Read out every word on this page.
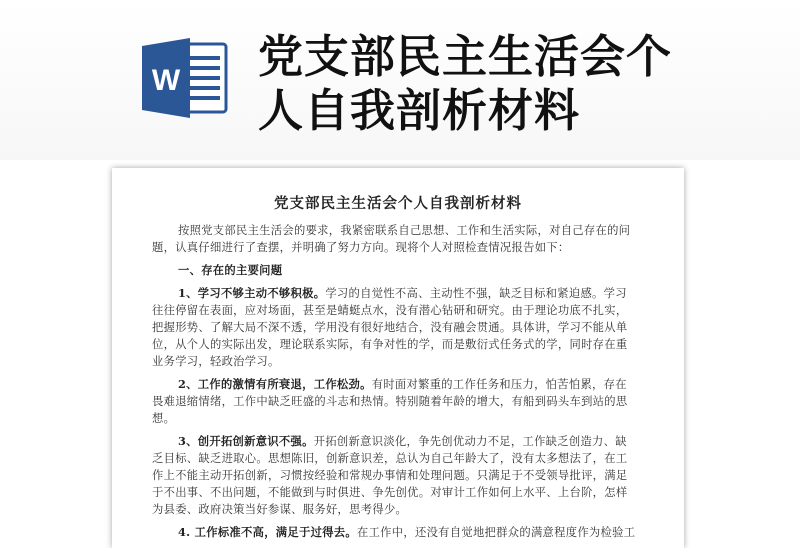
W 党支部民主生活会个
人自我剖析材料
党支部民主生活会个人自我剖析材料
按照党支部民主生活会的要求，我紧密联系自己思想、工作和生活实际，对自己存在的问
题，认真仔细进行了查摆，并明确了努力方向。现将个人对照检查情况报告如下：
一、存在的主要问题
1、学习不够主动不够积极。学习的自觉性不高、主动性不强，缺乏目标和紧迫感。学习
往往停留在表面，应对场面，甚至是蜻蜓点水，没有潜心钻研和研究。由于理论功底不扎实，
把握形势、了解大局不深不透，学用没有很好地结合，没有融会贯通。具体讲，学习不能从单
位，从个人的实际出发，理论联系实际，有争对性的学，而是敷衍式任务式的学，同时存在重
业务学习，轻政治学习。
2、工作的激情有所衰退，工作松劲。有时面对繁重的工作任务和压力，怕苦怕累，存在
畏难退缩情绪，工作中缺乏旺盛的斗志和热情。特别随着年龄的增大，有船到码头车到站的思
想。
3、创开拓创新意识不强。开拓创新意识淡化，争先创优动力不足，工作缺乏创造力、缺
乏目标、缺乏进取心。思想陈旧，创新意识差，总认为自己年龄大了，没有太多想法了，在工
作上不能主动开拓创新，习惯按经验和常规办事情和处理问题。只满足于不受领导批评，满足
于不出事、不出问题，不能做到与时俱进、争先创优。对审计工作如何上水平、上台阶，怎样
为县委、政府决策当好参谋、服务好，思考得少。
4. 工作标准不高，满足于过得去。在工作中，还没有自觉地把群众的满意程度作为检验工
